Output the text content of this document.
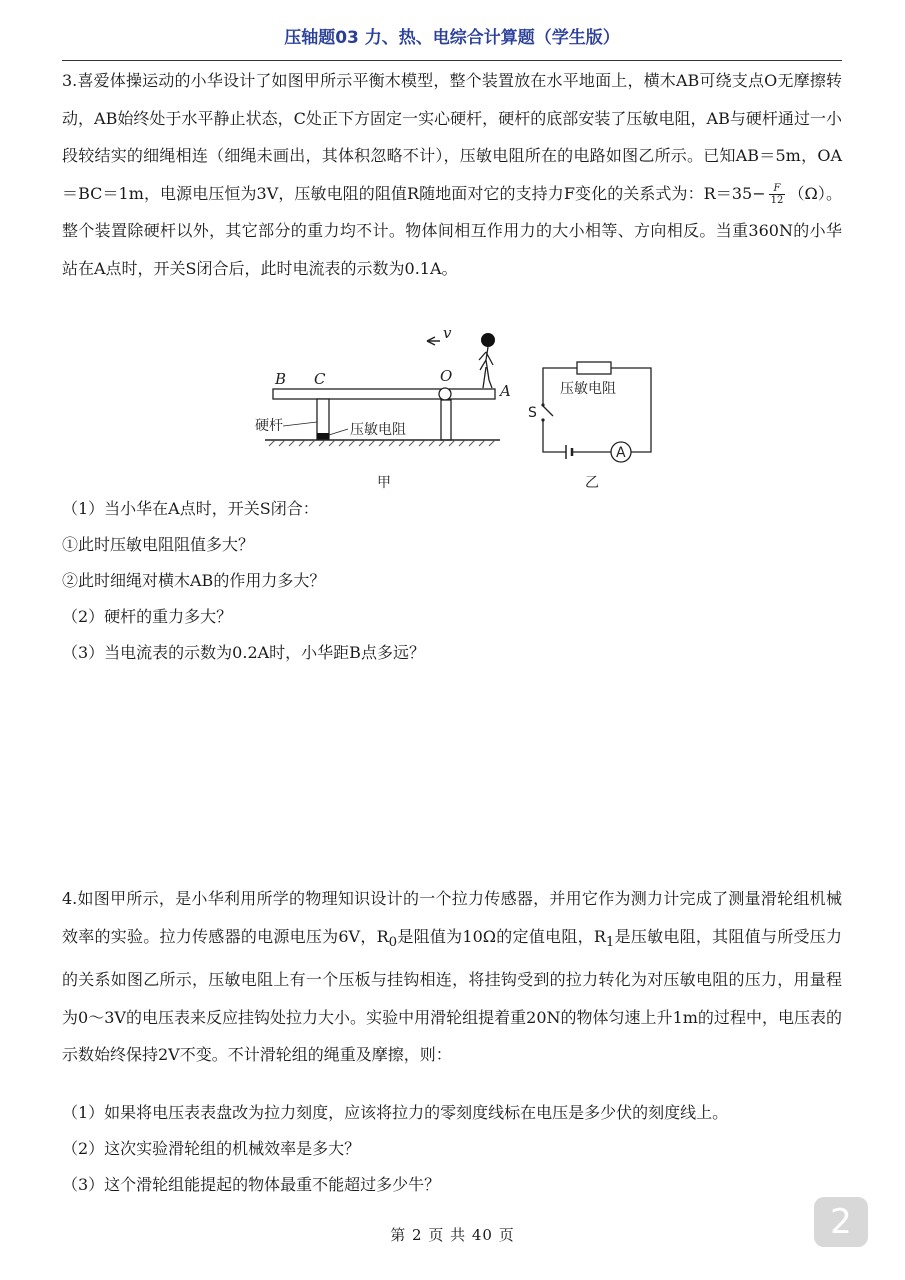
压轴题03 力、热、电综合计算题（学生版）

3.喜爱体操运动的小华设计了如图甲所示平衡木模型，整个装置放在水平地面上，横木AB可绕支点O无摩擦转动，AB始终处于水平静止状态，C处正下方固定一实心硬杆，硬杆的底部安装了压敏电阻，AB与硬杆通过一小段较结实的细绳相连（细绳未画出，其体积忽略不计），压敏电阻所在的电路如图乙所示。已知AB＝5m，OA＝BC＝1m，电源电压恒为3V，压敏电阻的阻值R随地面对它的支持力F变化的关系式为：$R=35- \frac{F}{12} (\Omega)$。整个装置除硬杆以外，其它部分的重力均不计。物体间相互作用力的大小相等、方向相反。当重360N的小华站在A点时，开关S闭合后，此时电流表的示数为0.1A。

v
B C	O
A
硬杆	压敏电阻
甲
压敏电阻
S
A
乙
（1）当小华在A点时，开关S闭合：
①此时压敏电阻阻值多大？
②此时细绳对横木AB的作用力多大？
（2）硬杆的重力多大？
（3）当电流表的示数为0.2A时，小华距B点多远？

4.如图甲所示，是小华利用所学的物理知识设计的一个拉力传感器，并用它作为测力计完成了测量滑轮组机械效率的实验。拉力传感器的电源电压为6V，$R_0$是阻值为10Ω的定值电阻，$R_1$是压敏电阻，其阻值与所受压力的关系如图乙所示，压敏电阻上有一个压板与挂钩相连，将挂钩受到的拉力转化为对压敏电阻的压力，用量程为0～3V的电压表来反应挂钩处拉力大小。实验中用滑轮组提着重20N的物体匀速上升1m的过程中，电压表的示数始终保持2V不变。不计滑轮组的绳重及摩擦，则：

（1）如果将电压表表盘改为拉力刻度，应该将拉力的零刻度线标在电压是多少伏的刻度线上。
（2）这次实验滑轮组的机械效率是多大？
（3）这个滑轮组能提起的物体最重不能超过多少牛？
第 2 页 共 40 页	2
